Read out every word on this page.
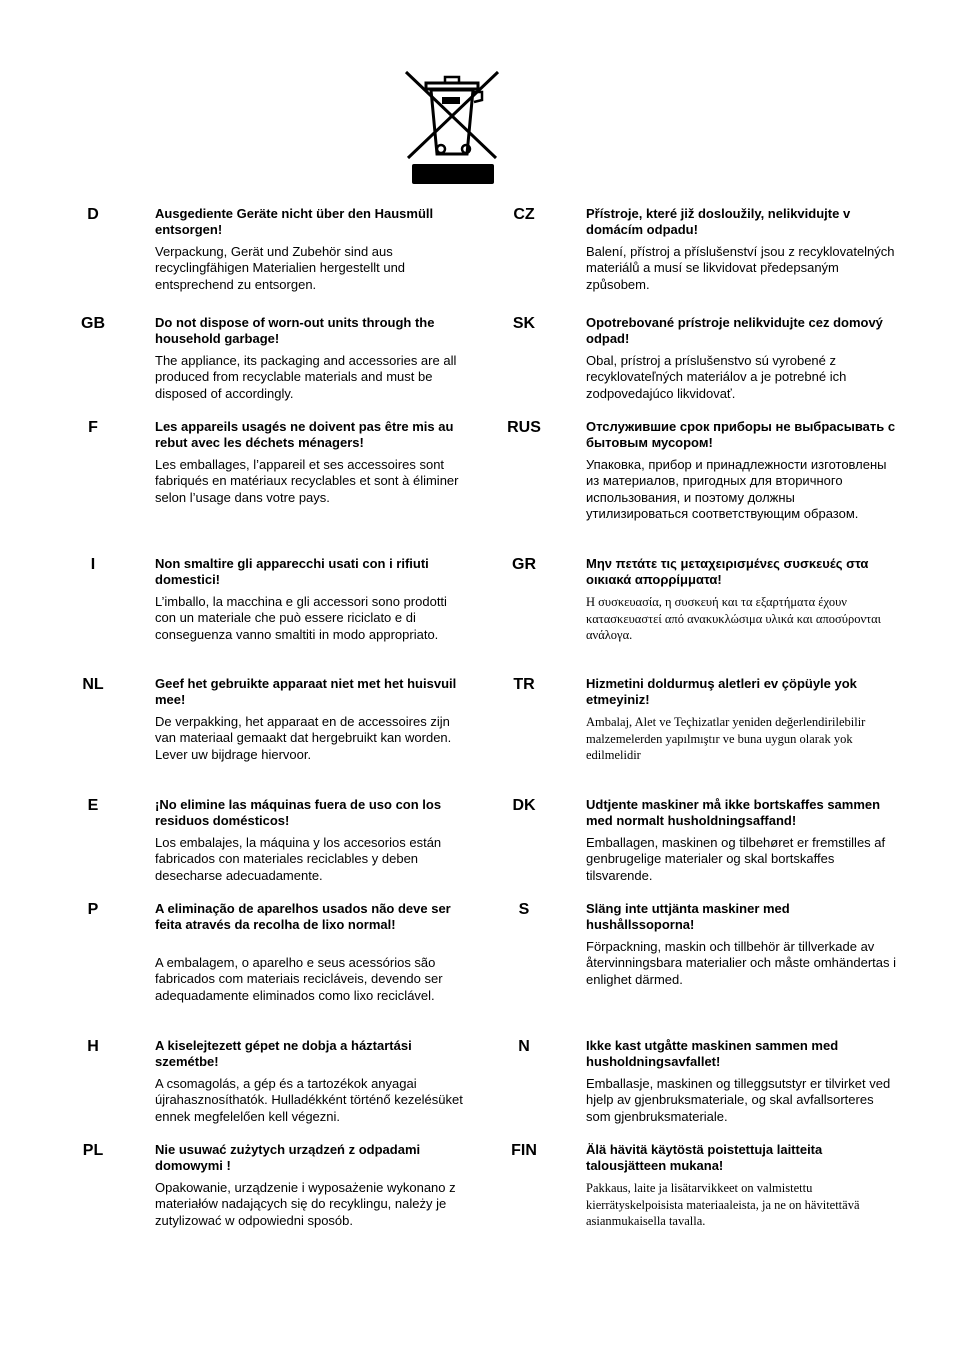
D	Ausgediente Geräte nicht über den Hausmüll entsorgen!

Verpackung, Gerät und Zubehör sind aus recyclingfähigen Materialien hergestellt und entsprechend zu entsorgen.

CZ	Přístroje, které již dosloužily, nelikvidujte v domácím odpadu!

Balení, přístroj a příslušenství jsou z recyklovatelných materiálů a musí se likvidovat předepsaným způsobem.

GB	Do not dispose of worn-out units through the household garbage!

The appliance, its packaging and accessories are all produced from recyclable materials and must be disposed of accordingly.

SK	Opotrebované prístroje nelikvidujte cez domový odpad!

Obal, prístroj a príslušenstvo sú vyrobené z recyklovateľných materiálov a je potrebné ich zodpovedajúco likvidovať.

F	Les appareils usagés ne doivent pas être mis au rebut avec les déchets ménagers!

Les emballages, l’appareil et ses accessoires sont fabriqués en matériaux recyclables et sont à éliminer selon l’usage dans votre pays.

RUS	Отслужившие срок приборы не выбрасывать с бытовым мусором!

Упаковка, прибор и принадлежности изготовлены из материалов, пригодных для вторичного использования, и поэтому должны утилизироваться соответствующим образом.

I	Non smaltire gli apparecchi usati con i rifiuti domestici!

L’imballo, la macchina e gli accessori sono prodotti con un materiale che può essere riciclato e di conseguenza vanno smaltiti in modo appropriato.

GR	Μην πετάτε τις μεταχειρισμένες συσκευές στα οικιακά απορρίμματα!

Η συσκευασία, η συσκευή και τα εξαρτήματα έχουν κατασκευαστεί από ανακυκλώσιμα υλικά και αποσύρονται ανάλογα.

NL	Geef het gebruikte apparaat niet met het huisvuil mee!

De verpakking, het apparaat en de accessoires zijn van materiaal gemaakt dat hergebruikt kan worden. Lever uw bijdrage hiervoor.

TR	Hizmetini doldurmuş aletleri ev çöpüyle yok etmeyiniz!

Ambalaj, Alet ve Teçhizatlar yeniden değerlendirilebilir malzemelerden yapılmıştır ve buna uygun olarak yok edilmelidir

E	¡No elimine las máquinas fuera de uso con los residuos domésticos!

Los embalajes, la máquina y los accesorios están fabricados con materiales reciclables y deben desecharse adecuadamente.

DK	Udtjente maskiner må ikke bortskaffes sammen med normalt husholdningsaffand!

Emballagen, maskinen og tilbehøret er fremstilles af genbrugelige materialer og skal bortskaffes tilsvarende.

P	A eliminação de aparelhos usados não deve ser feita através da recolha de lixo normal!

A embalagem, o aparelho e seus acessórios são fabricados com materiais recicláveis, devendo ser adequadamente eliminados como lixo reciclável.

S	Släng inte uttjänta maskiner med hushållssoporna!

Förpackning, maskin och tillbehör är tillverkade av återvinningsbara materialier och måste omhändertas i enlighet därmed.

H	A kiselejtezett gépet ne dobja a háztartási szemétbe!

A csomagolás, a gép és a tartozékok anyagai újrahasznosíthatók. Hulladékként történő kezelésüket ennek megfelelően kell végezni.

N	Ikke kast utgåtte maskinen sammen med husholdningsavfallet!

Emballasje, maskinen og tilleggsutstyr er tilvirket ved hjelp av gjenbruksmateriale, og skal avfallsorteres som gjenbruksmateriale.

PL	Nie usuwać zużytych urządzeń z odpadami domowymi !

Opakowanie, urządzenie i wyposażenie wykonano z materiałów nadających się do recyklingu, należy je zutylizować w odpowiedni sposób.

FIN	Älä hävitä käytöstä poistettuja laitteita talousjätteen mukana!

Pakkaus, laite ja lisätarvikkeet on valmistettu kierrätyskelpoisista materiaaleista, ja ne on hävitettävä asianmukaisella tavalla.
